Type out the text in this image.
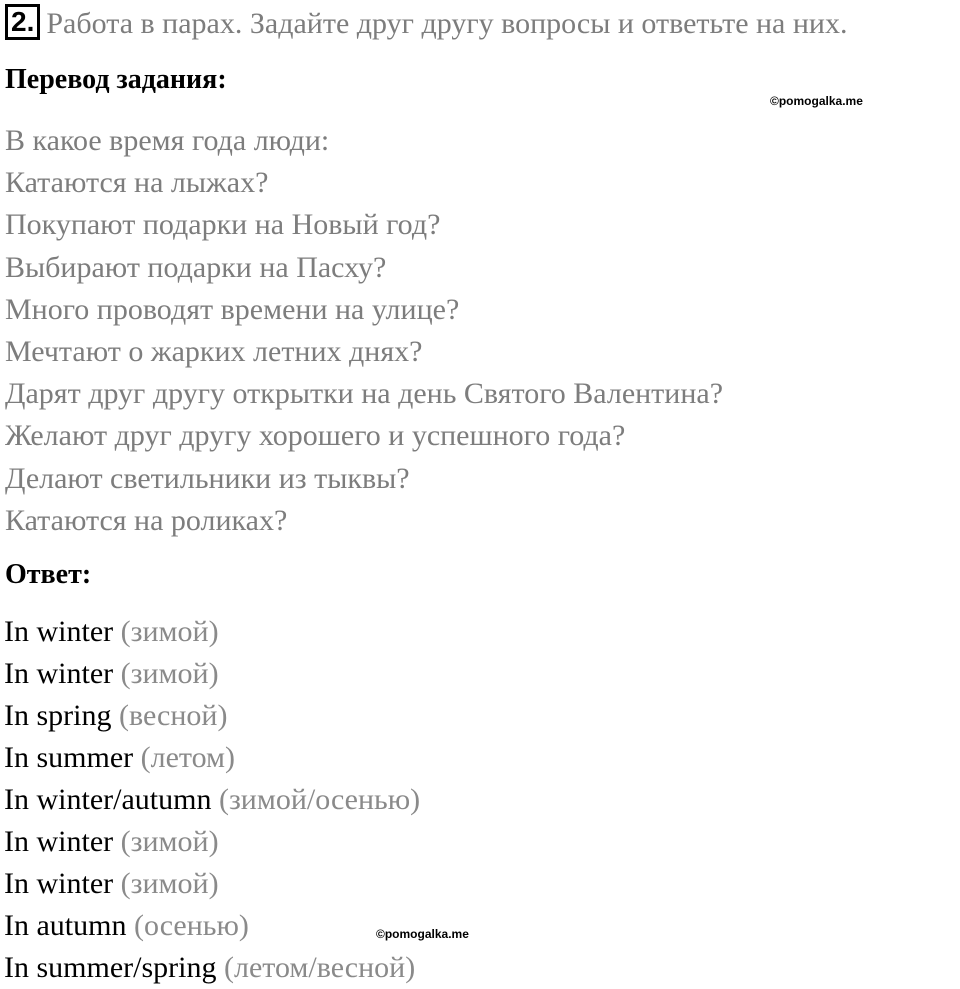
2. Работа в парах. Задайте друг другу вопросы и ответьте на них.
Перевод задания:
©pomogalka.me
В какое время года люди:
Катаются на лыжах?
Покупают подарки на Новый год?
Выбирают подарки на Пасху?
Много проводят времени на улице?
Мечтают о жарких летних днях?
Дарят друг другу открытки на день Святого Валентина?
Желают друг другу хорошего и успешного года?
Делают светильники из тыквы?
Катаются на роликах?
Ответ:
In winter (зимой)
In winter (зимой)
In spring (весной)
In summer (летом)
In winter/autumn (зимой/осенью)
In winter (зимой)
In winter (зимой)
In autumn (осенью)
In summer/spring (летом/весной)
©pomogalka.me
